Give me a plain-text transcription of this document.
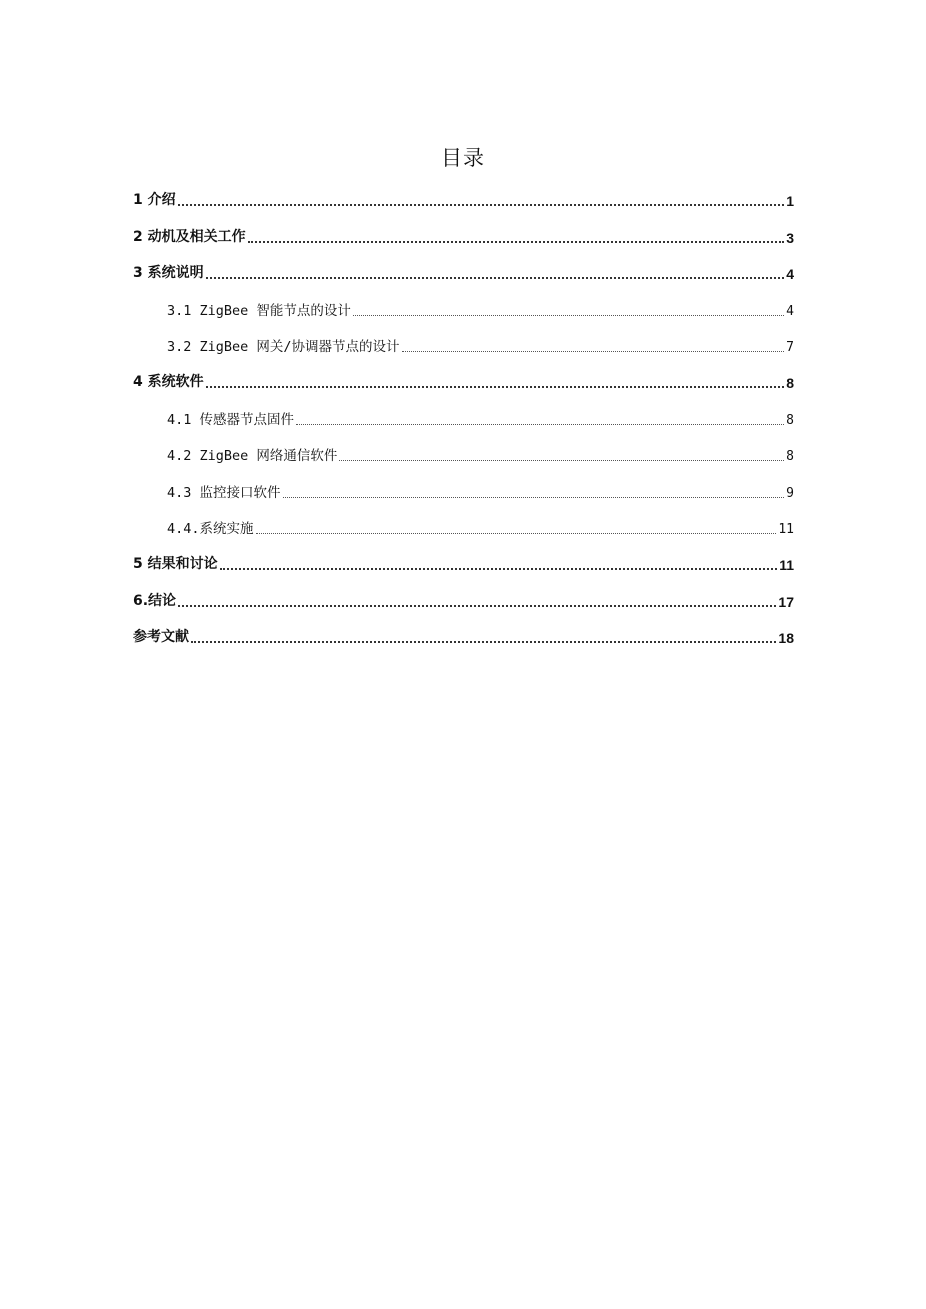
目录
1 介绍	1
2 动机及相关工作	3
3 系统说明	4
3.1 ZigBee 智能节点的设计	4
3.2 ZigBee 网关/协调器节点的设计	7
4 系统软件	8
4.1 传感器节点固件	8
4.2 ZigBee 网络通信软件	8
4.3 监控接口软件	9
4.4.系统实施	11
5 结果和讨论	11
6.结论	17
参考文献	18
